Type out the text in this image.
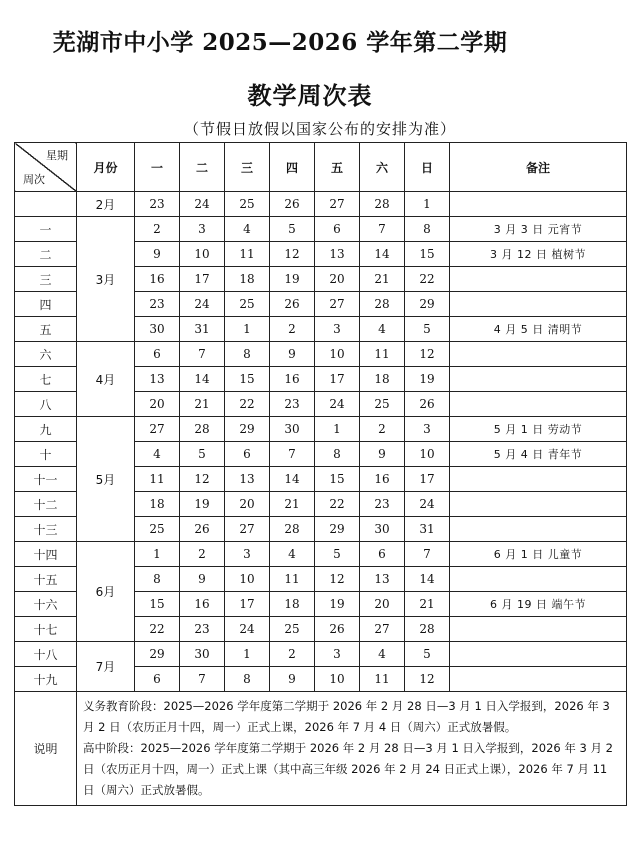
芜湖市中小学 2025—2026 学年第二学期
教学周次表
（节假日放假以国家公布的安排为准）
星期
周次	月份	一	二	三	四	五	六	日	备注
	2月	23	24	25	26	27	28	1	
一	3月	2	3	4	5	6	7	8	3 月 3 日 元宵节
二		9	10	11	12	13	14	15	3 月 12 日 植树节
三		16	17	18	19	20	21	22	
四		23	24	25	26	27	28	29	
五		30	31	1	2	3	4	5	4 月 5 日 清明节
六	4月	6	7	8	9	10	11	12	
七		13	14	15	16	17	18	19	
八		20	21	22	23	24	25	26	
九	5月	27	28	29	30	1	2	3	5 月 1 日 劳动节
十		4	5	6	7	8	9	10	5 月 4 日 青年节
十一		11	12	13	14	15	16	17	
十二		18	19	20	21	22	23	24	
十三		25	26	27	28	29	30	31	
十四	6月	1	2	3	4	5	6	7	6 月 1 日 儿童节
十五		8	9	10	11	12	13	14	
十六		15	16	17	18	19	20	21	6 月 19 日 端午节
十七		22	23	24	25	26	27	28	
十八	7月	29	30	1	2	3	4	5	
十九		6	7	8	9	10	11	12	
说明	义务教育阶段：2025—2026 学年度第二学期于 2026 年 2 月 28 日—3 月 1 日入学报到，2026 年 3 月 2 日（农历正月十四，周一）正式上课，2026 年 7 月 4 日（周六）正式放暑假。

高中阶段：2025—2026 学年度第二学期于 2026 年 2 月 28 日—3 月 1 日入学报到，2026 年 3 月 2 日（农历正月十四，周一）正式上课（其中高三年级 2026 年 2 月 24 日正式上课），2026 年 7 月 11 日（周六）正式放暑假。								
